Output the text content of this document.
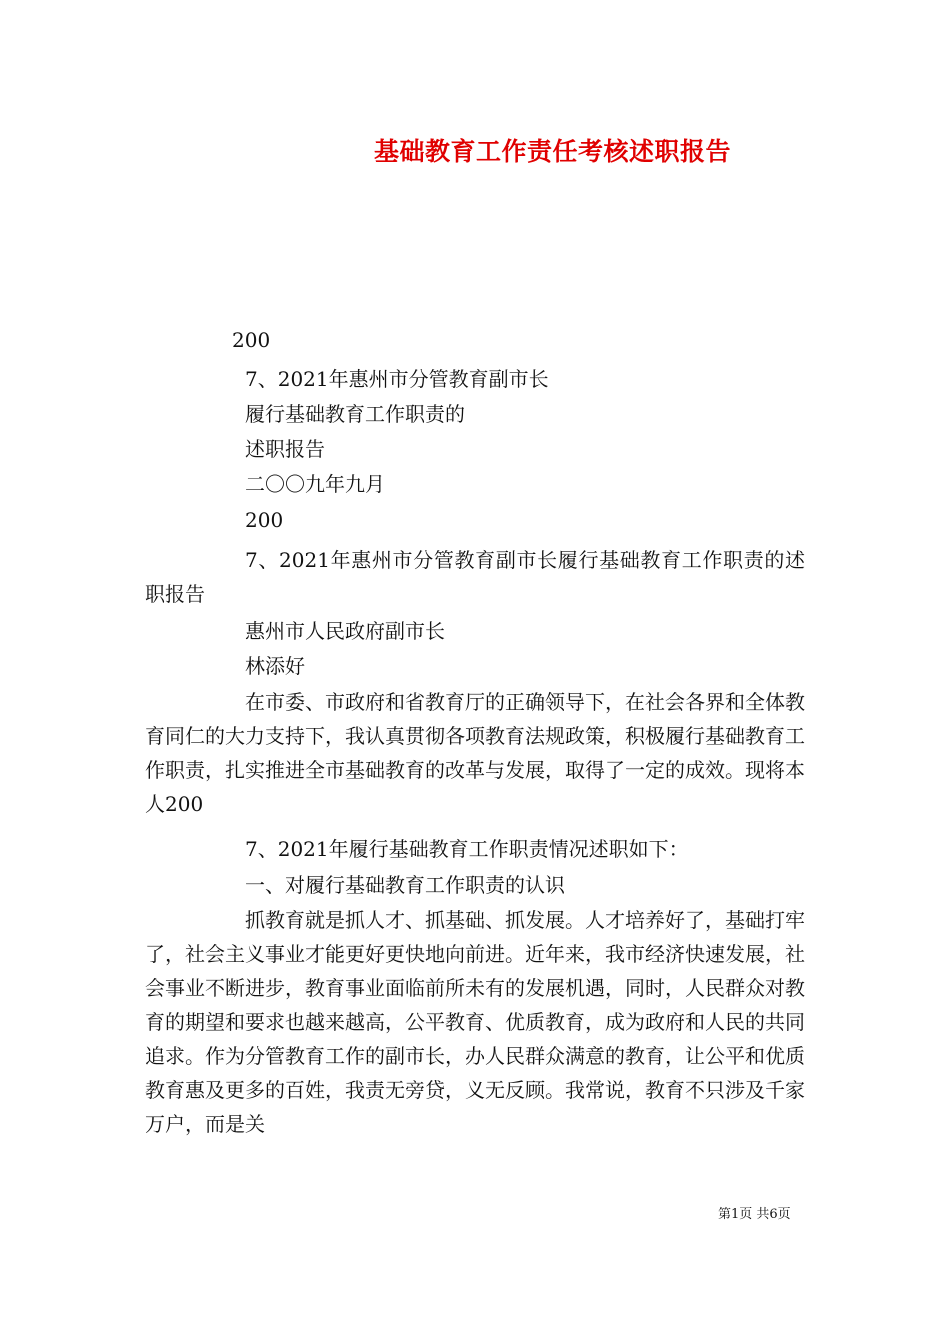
基础教育工作责任考核述职报告
200
7、2021年惠州市分管教育副市长
履行基础教育工作职责的
述职报告
二〇〇九年九月
200
7、2021年惠州市分管教育副市长履行基础教育工作职责的述职报告
惠州市人民政府副市长
林添好
在市委、市政府和省教育厅的正确领导下，在社会各界和全体教育同仁的大力支持下，我认真贯彻各项教育法规政策，积极履行基础教育工作职责，扎实推进全市基础教育的改革与发展，取得了一定的成效。现将本人200
7、2021年履行基础教育工作职责情况述职如下：
一、对履行基础教育工作职责的认识
抓教育就是抓人才、抓基础、抓发展。人才培养好了，基础打牢了，社会主义事业才能更好更快地向前进。近年来，我市经济快速发展，社会事业不断进步，教育事业面临前所未有的发展机遇，同时，人民群众对教育的期望和要求也越来越高，公平教育、优质教育，成为政府和人民的共同追求。作为分管教育工作的副市长，办人民群众满意的教育，让公平和优质教育惠及更多的百姓，我责无旁贷，义无反顾。我常说，教育不只涉及千家万户，而是关
第1页 共6页
